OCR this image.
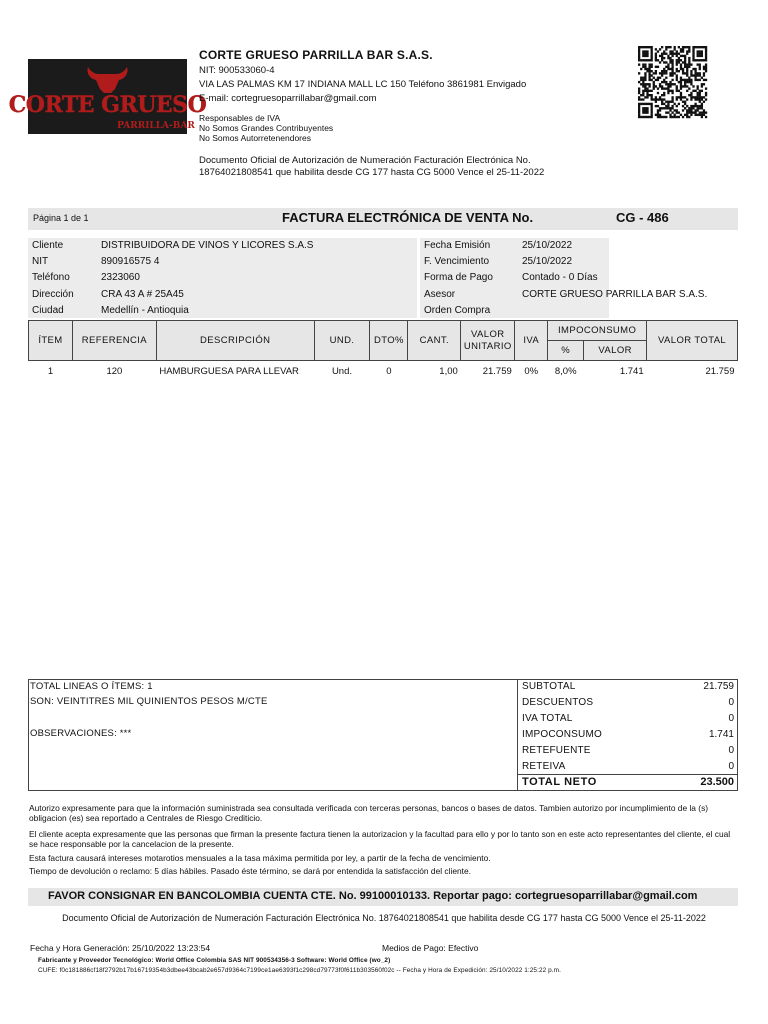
CORTE GRUESO
PARRILLA-BAR
CORTE GRUESO PARRILLA BAR S.A.S.
NIT: 900533060-4
VIA LAS PALMAS KM 17 INDIANA MALL LC 150 Teléfono 3861981 Envigado
E-mail: cortegruesoparrillabar@gmail.com
Responsables de IVA
No Somos Grandes Contribuyentes
No Somos Autorretenendores
Documento Oficial de Autorización de Numeración Facturación Electrónica No.
18764021808541 que habilita desde CG 177 hasta CG 5000 Vence el 25-11-2022
Página 1 de 1	FACTURA ELECTRÓNICA DE VENTA No.	CG - 486
Cliente	DISTRIBUIDORA DE VINOS Y LICORES S.A.S
NIT	890916575 4
Teléfono	2323060
Dirección	CRA 43 A # 25A45
Ciudad	Medellín - Antioquia
Fecha Emisión	25/10/2022
F. Vencimiento	25/10/2022
Forma de Pago	Contado - 0 Días
Asesor	CORTE GRUESO PARRILLA BAR S.A.S.
Orden Compra
ÍTEM	REFERENCIA	DESCRIPCIÓN	UND.	DTO%	CANT.	VALOR
UNITARIO	IVA	IMPOCONSUMO		VALOR TOTAL
								%	VALOR	
1	120	HAMBURGUESA PARA LLEVAR	Und.	0	1,00	21.759	0%	8,0%	1.741	21.759
TOTAL LINEAS O ÍTEMS: 1
SON: VEINTITRES MIL QUINIENTOS PESOS M/CTE
OBSERVACIONES: ***
SUBTOTAL	21.759
DESCUENTOS	0
IVA TOTAL	0
IMPOCONSUMO	1.741
RETEFUENTE	0
RETEIVA	0
TOTAL NETO	23.500
Autorizo expresamente para que la información suministrada sea consultada verificada con terceras personas, bancos o bases de datos. Tambien autorizo por incumplimiento de la (s) obligacion (es) sea reportado a Centrales de Riesgo Crediticio.
El cliente acepta expresamente que las personas que firman la presente factura tienen la autorizacion y la facultad para ello y por lo tanto son en este acto representantes del cliente, el cual se hace responsable por la cancelacion de la presente.
Esta factura causará intereses motarotios mensuales a la tasa máxima permitida por ley, a partir de la fecha de vencimiento.
Tiempo de devolución o reclamo: 5 días hábiles. Pasado éste término, se dará por entendida la satisfacción del cliente.
FAVOR CONSIGNAR EN BANCOLOMBIA CUENTA CTE. No. 99100010133. Reportar pago: cortegruesoparrillabar@gmail.com
Documento Oficial de Autorización de Numeración Facturación Electrónica No. 18764021808541 que habilita desde CG 177 hasta CG 5000 Vence el 25-11-2022
Fecha y Hora Generación: 25/10/2022 13:23:54	Medios de Pago: Efectivo
Fabricante y Proveedor Tecnológico: World Office Colombia SAS NIT 900534356-3 Software: World Office (wo_2)
CUFE: f0c181886cf18f2792b17b16719354b3dbee43bcab2e657d9364c7199ce1ae6393f1c298cd79773f0f611b303560f02c -- Fecha y Hora de Expedición: 25/10/2022 1:25:22 p.m.
